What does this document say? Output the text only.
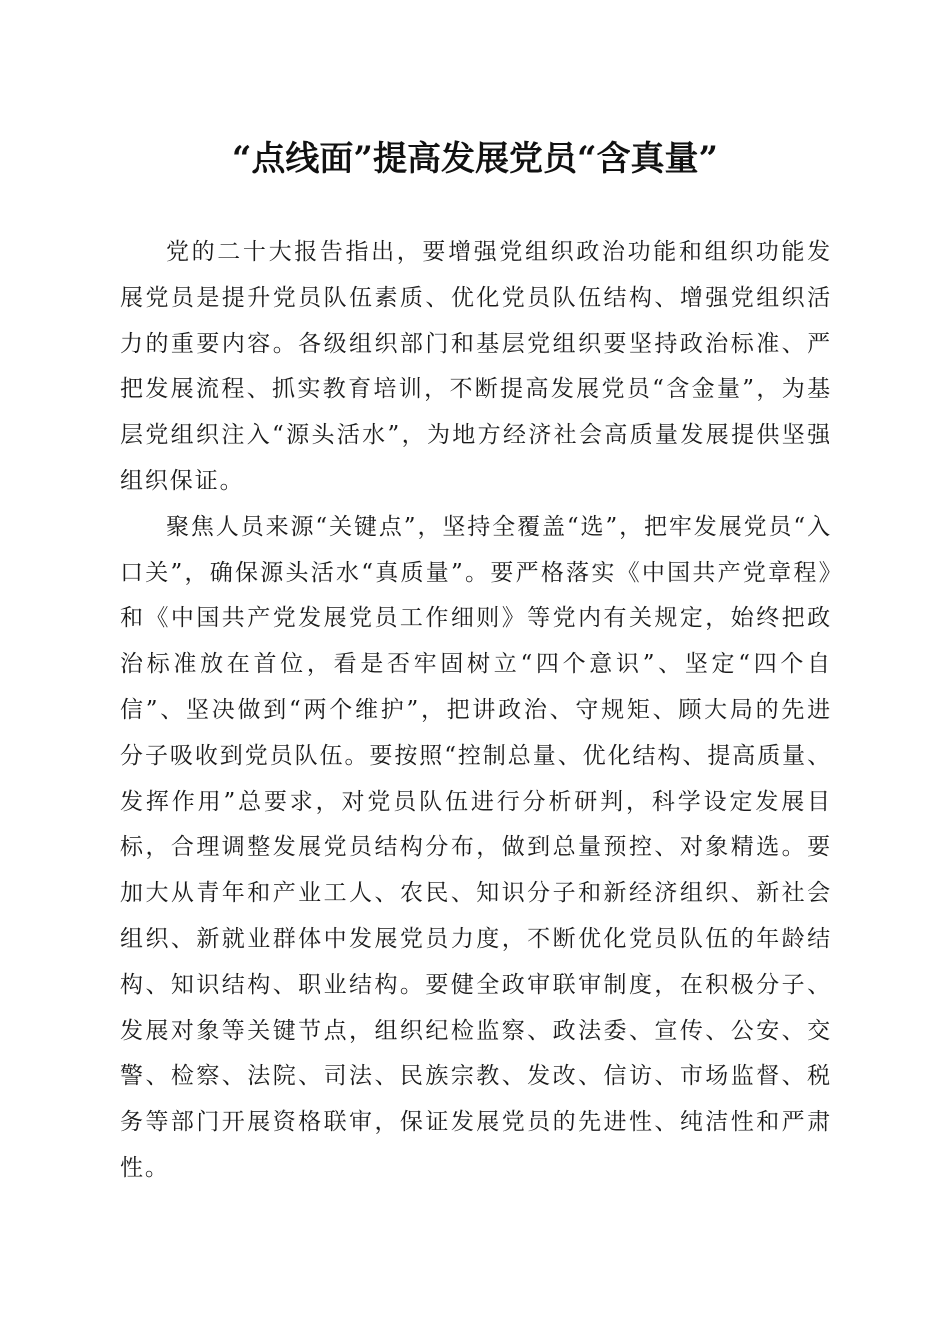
“点线面”提高发展党员“含真量”

党的二十大报告指出，要增强党组织政治功能和组织功能发展党员是提升党员队伍素质、优化党员队伍结构、增强党组织活力的重要内容。各级组织部门和基层党组织要坚持政治标准、严把发展流程、抓实教育培训，不断提高发展党员“含金量”，为基层党组织注入“源头活水”，为地方经济社会高质量发展提供坚强组织保证。

聚焦人员来源“关键点”，坚持全覆盖“选”，把牢发展党员“入口关”，确保源头活水“真质量”。要严格落实《中国共产党章程》和《中国共产党发展党员工作细则》等党内有关规定，始终把政治标准放在首位，看是否牢固树立“四个意识”、坚定“四个自信”、坚决做到“两个维护”，把讲政治、守规矩、顾大局的先进分子吸收到党员队伍。要按照“控制总量、优化结构、提高质量、发挥作用”总要求，对党员队伍进行分析研判，科学设定发展目标，合理调整发展党员结构分布，做到总量预控、对象精选。要加大从青年和产业工人、农民、知识分子和新经济组织、新社会组织、新就业群体中发展党员力度，不断优化党员队伍的年龄结构、知识结构、职业结构。要健全政审联审制度，在积极分子、发展对象等关键节点，组织纪检监察、政法委、宣传、公安、交警、检察、法院、司法、民族宗教、发改、信访、市场监督、税务等部门开展资格联审，保证发展党员的先进性、纯洁性和严肃性。
